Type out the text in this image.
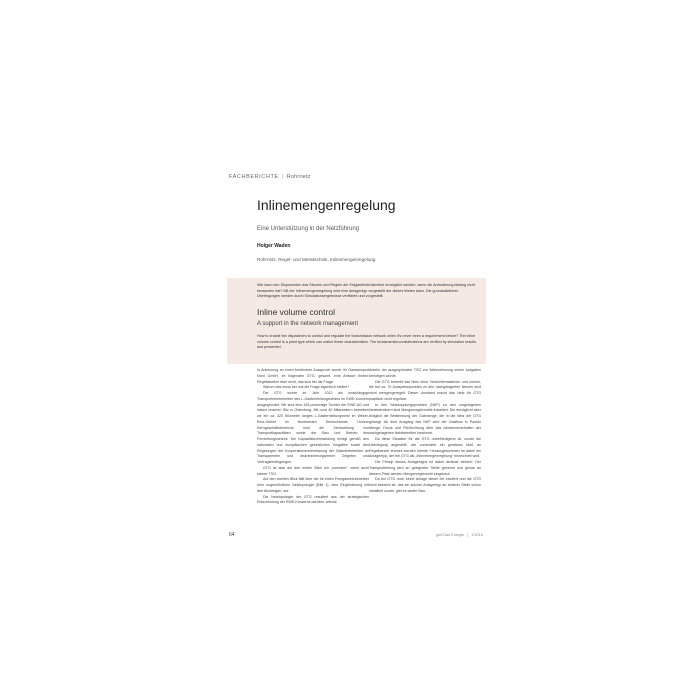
FACHBERICHTE | Rohrnetz
Inlinemengenregelung
Eine Unterstützung in der Netzführung
Holger Waden
Rohrnetz, Regel- und Messtechnik, Inlinemengenregelung

Wie kann den Disponenten das Steuern und Regeln der Erdgasfriedrücknetze ermöglicht werden, wenn die Anforderung bislang nicht bestanden hat? Mit der Inlinemengenregelung wird eine Anlagentyp vorgestellt der dieses leisten kann. Die grundsätzlichen Überlegungen werden durch Simulationsergebnisse verifiziert und vorgestellt.

Inline volume control
A support in the network management

How to enable the dispatchers to control and regulate the transmission network when it's never been a requirement before? The inline volume control is a plant type which can match these characteristics. The fundamental considerations are verified by simulation results and presented.

In Anlehnung an einen berühmten Ausspruch wurde Ihr Gastransport Nord GmbH, im folgenden GTG, gesamt, eine Antwort finden: Regeltabellen über nicht, das sich bei die Frage:

Warum das muss bei uns die Frage eigentlich stellen?

Die GTG wurde im Jahr 2012 als unabhängige Transportnetzbetreiber des L-Gasfernleitungsnetzes im EWE-Konzern ausgegründet. Wir sind eine 100-prozentige Tochter der EWE AG und haben unseren Sitz in Oldenburg. Mit rund 40 Mitarbeitern betreiben wir ein ca. 320 Kilometer langes L-Gasfernleitungsnetz im Weser-Ems-Gebiet im Nordwesten Deutschlands. Unsere Kerngeschäftsbereiche sind die Vermarktung von Transportkapazitäten sowie der Bau und Betrieb des Fernleitungsnetzes. Die Kapazitätsvermarktung erfolgt gemäß den nationalen und europäischen gesetzlichen Vorgaben sowie den Regelungen der Kooperationsvereinbarung der Gasnetzbetreiber an Transparenten und diskriminierungsfreien Zeigeten und Vertragsbedingungen.

GTG ist also auf den ersten Blick ein „normaler“, wenn auch kleiner TSO.

Auf den zweiten Blick fällt über die für einen Ferngasnetzbetreiber eher ungewöhnliche Netztopologie (Bild 1), eine Eingliederung mit den Abzweigen, auf.

Die Netztopologie der GTG resultiert aus der strategischen Entscheidung der EWE-Konzerns darüber, welche

Anteile der ausgegründete TSO zur Wahrnehmung seiner Aufgaben benötigen würde.

Die GTG betreibt das Netz ohne Verdichterstationen und nutzen, die bei ca. 70 Ausspeisepunkten zu den nachgelagerten Netzen sind nicht mengengeregelt. Dieser Umstand macht das Netz für GTG praktisch nicht regelbar.

In den Netzkopplungspunkten (NKP) zu den vorgelagerten Netzbetreibern sind Mengenregelventile installiert. Die ermöglicht aber lediglich die Bestimmung der Gasmenge, die in die Netz der GTG gelangt. Ab dem Ausgang des NKP wird der Gasfluss in Punkto Menge, Druck und Fließrichtung über das Abnahmeverhalten der nachgelagerten Netzbetreiber bestimmt.

Da diese Situation für die GTG unbefriedigend ist, wurde die Überlegung angestellt, wie zumindest ein gewisses Maß an Regelbarkeit erreicht werden könnte. Herausgekommen ist dabei ein Anlagentyp, der bei GTG als „Inlinemengenregelung“ bezeichnet wird.

Die Prinzip dieses Anlagentyps ist dabei denkbar einfach: Der Transportleitung wird an geeigneter Stelle getrennt und genau an diesem Platz werden Mengenregelventil eingebaut.

Da bei GTG noch keine Anlage dieser Art existiert und die GTG nicht bekannt ist, das ein solcher Anlagentyp an anderer Stelle schon installiert wurde, gibt es weder Bau-

64	gwf-Gas Energie | 1/2016
